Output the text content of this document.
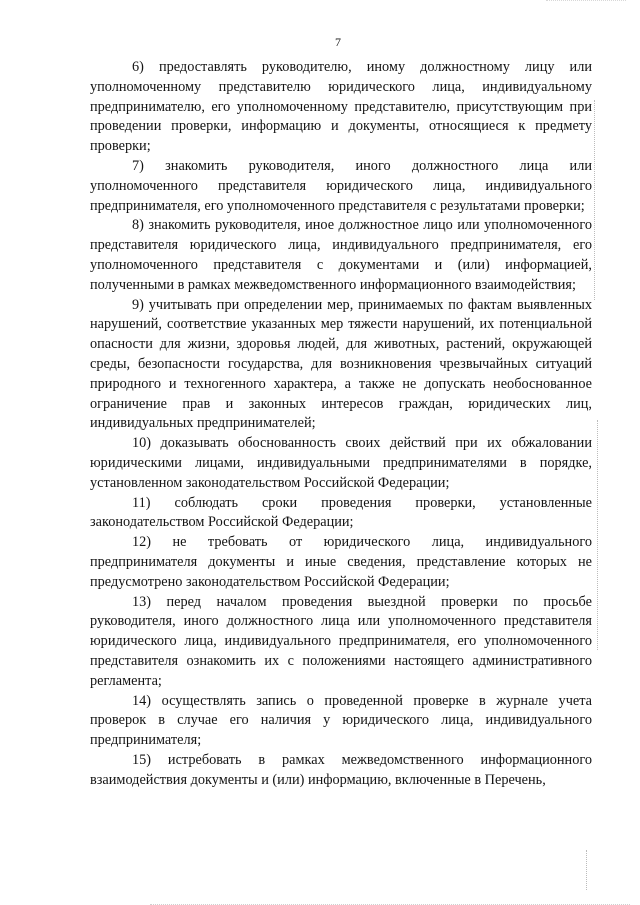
7

6) предоставлять руководителю, иному должностному лицу или уполномоченному представителю юридического лица, индивидуальному предпринимателю, его уполномоченному представителю, присутствующим при проведении проверки, информацию и документы, относящиеся к предмету проверки;

7) знакомить руководителя, иного должностного лица или уполномоченного представителя юридического лица, индивидуального предпринимателя, его уполномоченного представителя с результатами проверки;

8) знакомить руководителя, иное должностное лицо или уполномоченного представителя юридического лица, индивидуального предпринимателя, его уполномоченного представителя с документами и (или) информацией, полученными в рамках межведомственного информационного взаимодействия;

9) учитывать при определении мер, принимаемых по фактам выявленных нарушений, соответствие указанных мер тяжести нарушений, их потенциальной опасности для жизни, здоровья людей, для животных, растений, окружающей среды, безопасности государства, для возникновения чрезвычайных ситуаций природного и техногенного характера, а также не допускать необоснованное ограничение прав и законных интересов граждан, юридических лиц, индивидуальных предпринимателей;

10) доказывать обоснованность своих действий при их обжаловании юридическими лицами, индивидуальными предпринимателями в порядке, установленном законодательством Российской Федерации;

11) соблюдать сроки проведения проверки, установленные законодательством Российской Федерации;

12) не требовать от юридического лица, индивидуального предпринимателя документы и иные сведения, представление которых не предусмотрено законодательством Российской Федерации;

13) перед началом проведения выездной проверки по просьбе руководителя, иного должностного лица или уполномоченного представителя юридического лица, индивидуального предпринимателя, его уполномоченного представителя ознакомить их с положениями настоящего административного регламента;

14) осуществлять запись о проведенной проверке в журнале учета проверок в случае его наличия у юридического лица, индивидуального предпринимателя;

15) истребовать в рамках межведомственного информационного взаимодействия документы и (или) информацию, включенные в Перечень,
